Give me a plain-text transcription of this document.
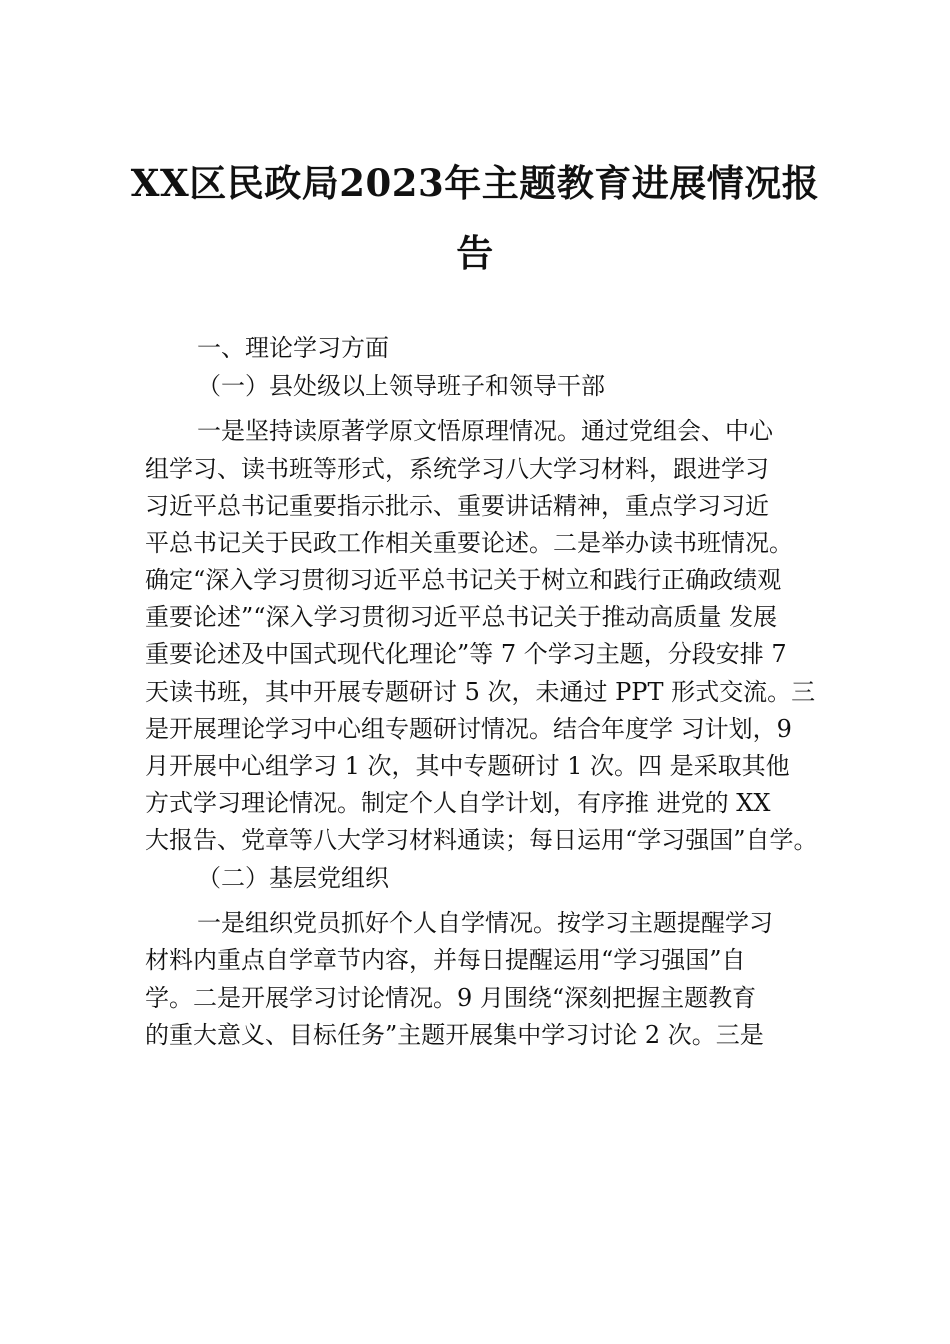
XX区民政局2023年主题教育进展情况报
告
一、理论学习方面
（一）县处级以上领导班子和领导干部
一是坚持读原著学原文悟原理情况。通过党组会、中心
组学习、读书班等形式，系统学习八大学习材料，跟进学习
习近平总书记重要指示批示、重要讲话精神，重点学习习近
平总书记关于民政工作相关重要论述。二是举办读书班情况。
确定“深入学习贯彻习近平总书记关于树立和践行正确政绩观
重要论述”“深入学习贯彻习近平总书记关于推动高质量 发展
重要论述及中国式现代化理论”等 7 个学习主题，分段安排 7
天读书班，其中开展专题研讨 5 次，未通过 PPT 形式交流。三
是开展理论学习中心组专题研讨情况。结合年度学 习计划，9
月开展中心组学习 1 次，其中专题研讨 1 次。四 是采取其他
方式学习理论情况。制定个人自学计划，有序推 进党的 XX
大报告、党章等八大学习材料通读；每日运用“学习强国”自学。
（二）基层党组织
一是组织党员抓好个人自学情况。按学习主题提醒学习
材料内重点自学章节内容，并每日提醒运用“学习强国”自
学。二是开展学习讨论情况。9 月围绕“深刻把握主题教育
的重大意义、目标任务”主题开展集中学习讨论 2 次。三是
